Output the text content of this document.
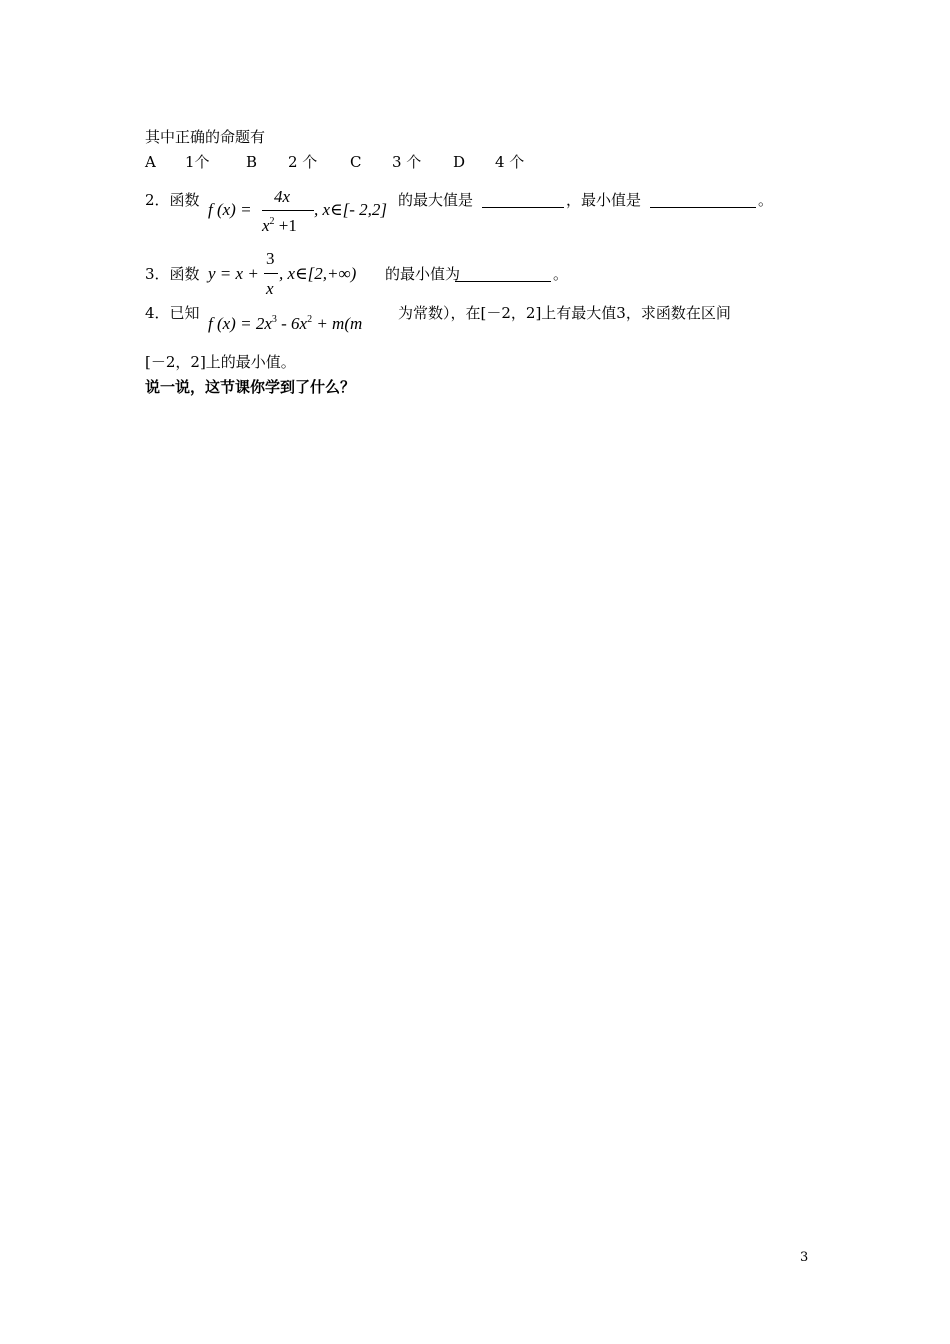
其中正确的命题有
A 1个 B 2 个 C 3 个 D 4 个
2．函数 f (x) =
4x
$x^2 +1$
, x∈[- 2,2] 的最大值是	，最小值是	。
3．函数 y = x +
3
x
, x∈[2,+∞) 的最小值为	。
4．已知
f $(x) = 2x^3 - 6x^2 + m(m$
为常数），在[－2，2]上有最大值3，求函数在区间
[－2，2]上的最小值。
说一说，这节课你学到了什么？
3
